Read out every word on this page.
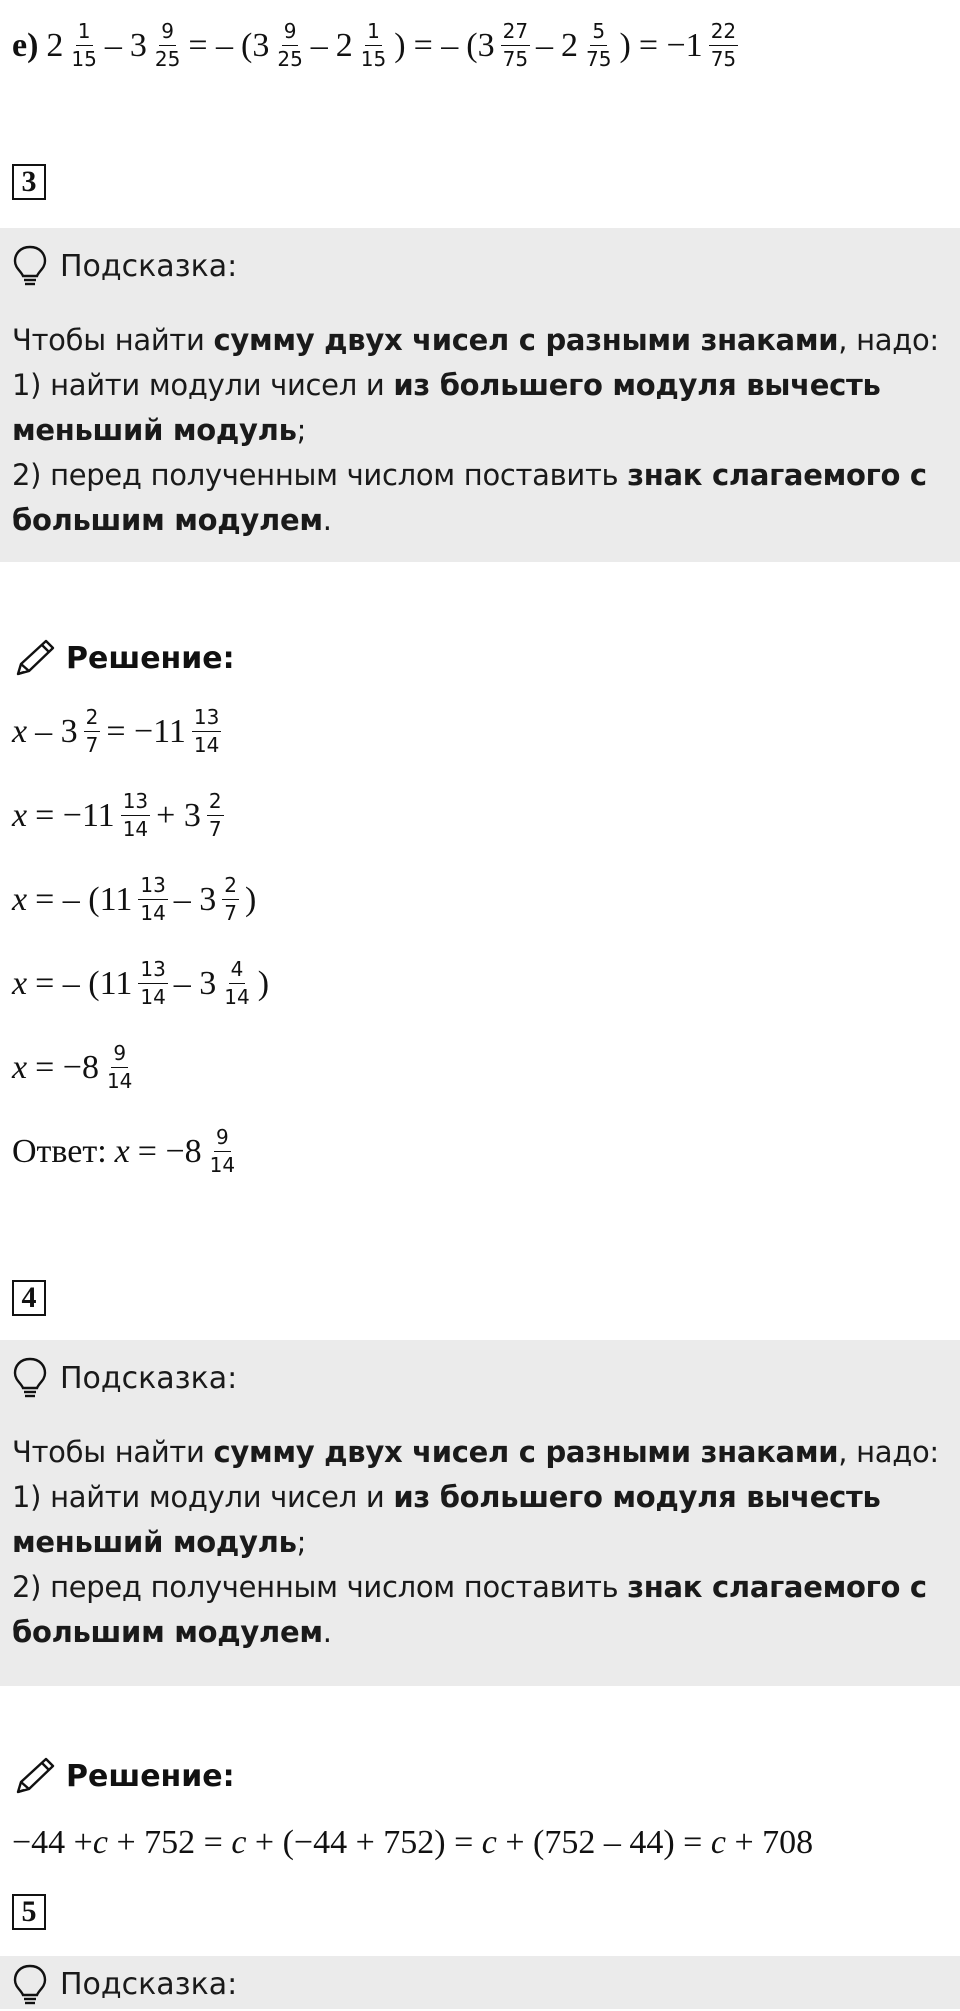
е) $2 \frac{1}{15} - 3 \frac{9}{25}$ = – ( $3 \frac{9}{25} - 2 \frac{1}{15}$ ) = – ( $3 \frac{27}{75} - 2 \frac{5}{75}$ ) = $-1 \frac{22}{75}$
3
Подсказка:
Чтобы найти сумму двух чисел с разными знаками, надо:
1) найти модули чисел и из большего модуля вычесть меньший модуль;
2) перед полученным числом поставить знак слагаемого с большим модулем.
Решение:
$x - 3 \frac{2}{7} = -11 \frac{13}{14}$
$x = -11 \frac{13}{14} + 3 \frac{2}{7}$
x = – ($11 \frac{13}{14} - 3 \frac{2}{7}$ )
x = – ($11 \frac{13}{14} - 3 \frac{4}{14}$ )
$x = -8 \frac{9}{14}$
Ответ: $x = -8 \frac{9}{14}$
4
Подсказка:
Чтобы найти сумму двух чисел с разными знаками, надо:
1) найти модули чисел и из большего модуля вычесть меньший модуль;
2) перед полученным числом поставить знак слагаемого с большим модулем.
Решение:
−44 + c + 752 = c + (−44 + 752) = c + (752 – 44) = c + 708
5
Подсказка:
